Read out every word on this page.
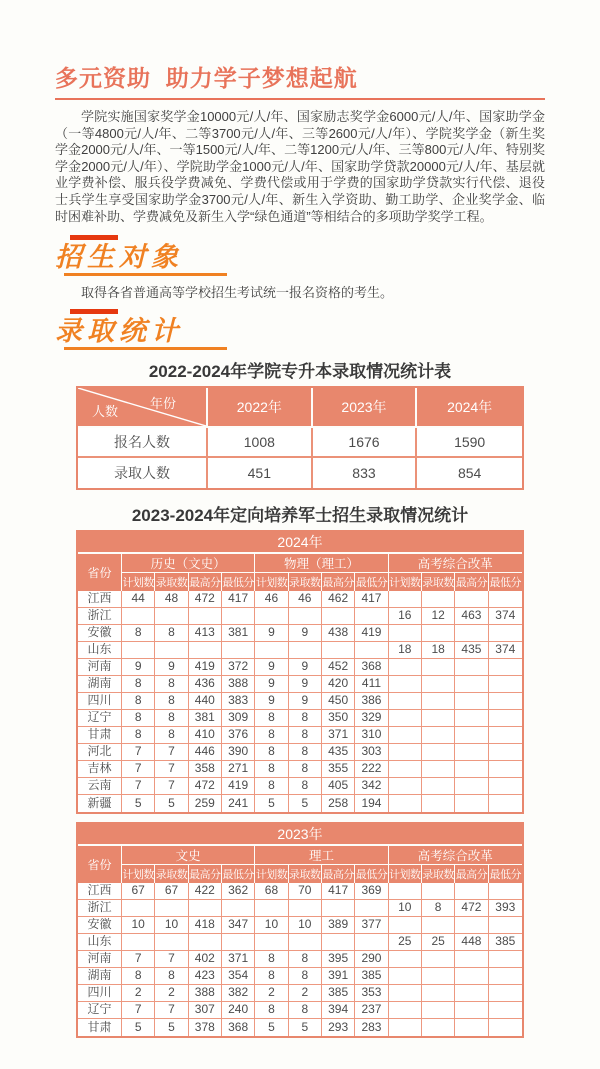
多元资助  助力学子梦想起航

学院实施国家奖学金10000元/人/年、国家励志奖学金6000元/人/年、国家助学金（一等4800元/人/年、二等3700元/人/年、三等2600元/人/年）、学院奖学金（新生奖学金2000元/人/年、一等1500元/人/年、二等1200元/人/年、三等800元/人/年、特别奖学金2000元/人/年）、学院助学金1000元/人/年、国家助学贷款20000元/人/年、基层就业学费补偿、服兵役学费减免、学费代偿或用于学费的国家助学贷款实行代偿、退役士兵学生享受国家助学金3700元/人/年、新生入学资助、勤工助学、企业奖学金、临时困难补助、学费减免及新生入学“绿色通道”等相结合的多项助学奖学工程。

招生对象

取得各省普通高等学校招生考试统一报名资格的考生。

录取统计
2022-2024年学院专升本录取情况统计表
年份
人数	2022年	2023年	2024年
报名人数	1008	1676	1590
录取人数	451	833	854
2023-2024年定向培养军士招生录取情况统计
2024年												
省份	历史（文史）				物理（理工）				高考综合改革			
	计划数	录取数	最高分	最低分	计划数	录取数	最高分	最低分	计划数	录取数	最高分	最低分
江西	44	48	472	417	46	46	462	417				
浙江									16	12	463	374
安徽	8	8	413	381	9	9	438	419				
山东									18	18	435	374
河南	9	9	419	372	9	9	452	368				
湖南	8	8	436	388	9	9	420	411				
四川	8	8	440	383	9	9	450	386				
辽宁	8	8	381	309	8	8	350	329				
甘肃	8	8	410	376	8	8	371	310				
河北	7	7	446	390	8	8	435	303				
吉林	7	7	358	271	8	8	355	222				
云南	7	7	472	419	8	8	405	342				
新疆	5	5	259	241	5	5	258	194				
2023年												
省份	文史				理工				高考综合改革			
	计划数	录取数	最高分	最低分	计划数	录取数	最高分	最低分	计划数	录取数	最高分	最低分
江西	67	67	422	362	68	70	417	369				
浙江									10	8	472	393
安徽	10	10	418	347	10	10	389	377				
山东									25	25	448	385
河南	7	7	402	371	8	8	395	290				
湖南	8	8	423	354	8	8	391	385				
四川	2	2	388	382	2	2	385	353				
辽宁	7	7	307	240	8	8	394	237				
甘肃	5	5	378	368	5	5	293	283				
